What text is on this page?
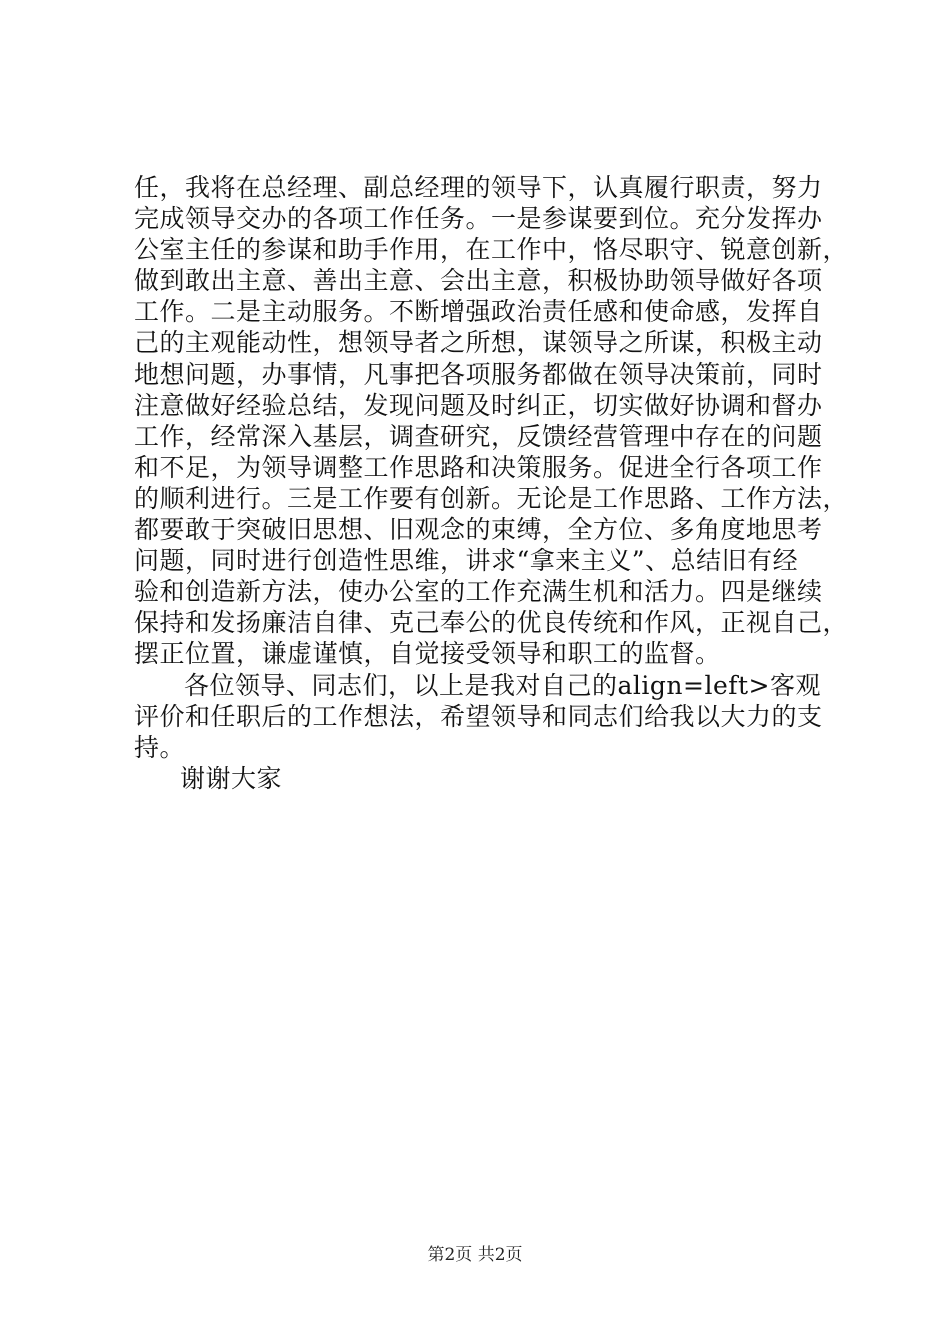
任，我将在总经理、副总经理的领导下，认真履行职责，努力
完成领导交办的各项工作任务。一是参谋要到位。充分发挥办
公室主任的参谋和助手作用，在工作中，恪尽职守、锐意创新，
做到敢出主意、善出主意、会出主意，积极协助领导做好各项
工作。二是主动服务。不断增强政治责任感和使命感，发挥自
己的主观能动性，想领导者之所想，谋领导之所谋，积极主动
地想问题，办事情，凡事把各项服务都做在领导决策前，同时
注意做好经验总结，发现问题及时纠正，切实做好协调和督办
工作，经常深入基层，调查研究，反馈经营管理中存在的问题
和不足，为领导调整工作思路和决策服务。促进全行各项工作
的顺利进行。三是工作要有创新。无论是工作思路、工作方法，
都要敢于突破旧思想、旧观念的束缚，全方位、多角度地思考
问题，同时进行创造性思维，讲求“拿来主义”、总结旧有经
验和创造新方法，使办公室的工作充满生机和活力。四是继续
保持和发扬廉洁自律、克己奉公的优良传统和作风，正视自己，
摆正位置，谦虚谨慎，自觉接受领导和职工的监督。
各位领导、同志们，以上是我对自己的align=left>客观
评价和任职后的工作想法，希望领导和同志们给我以大力的支
持。
谢谢大家
第2页 共2页
